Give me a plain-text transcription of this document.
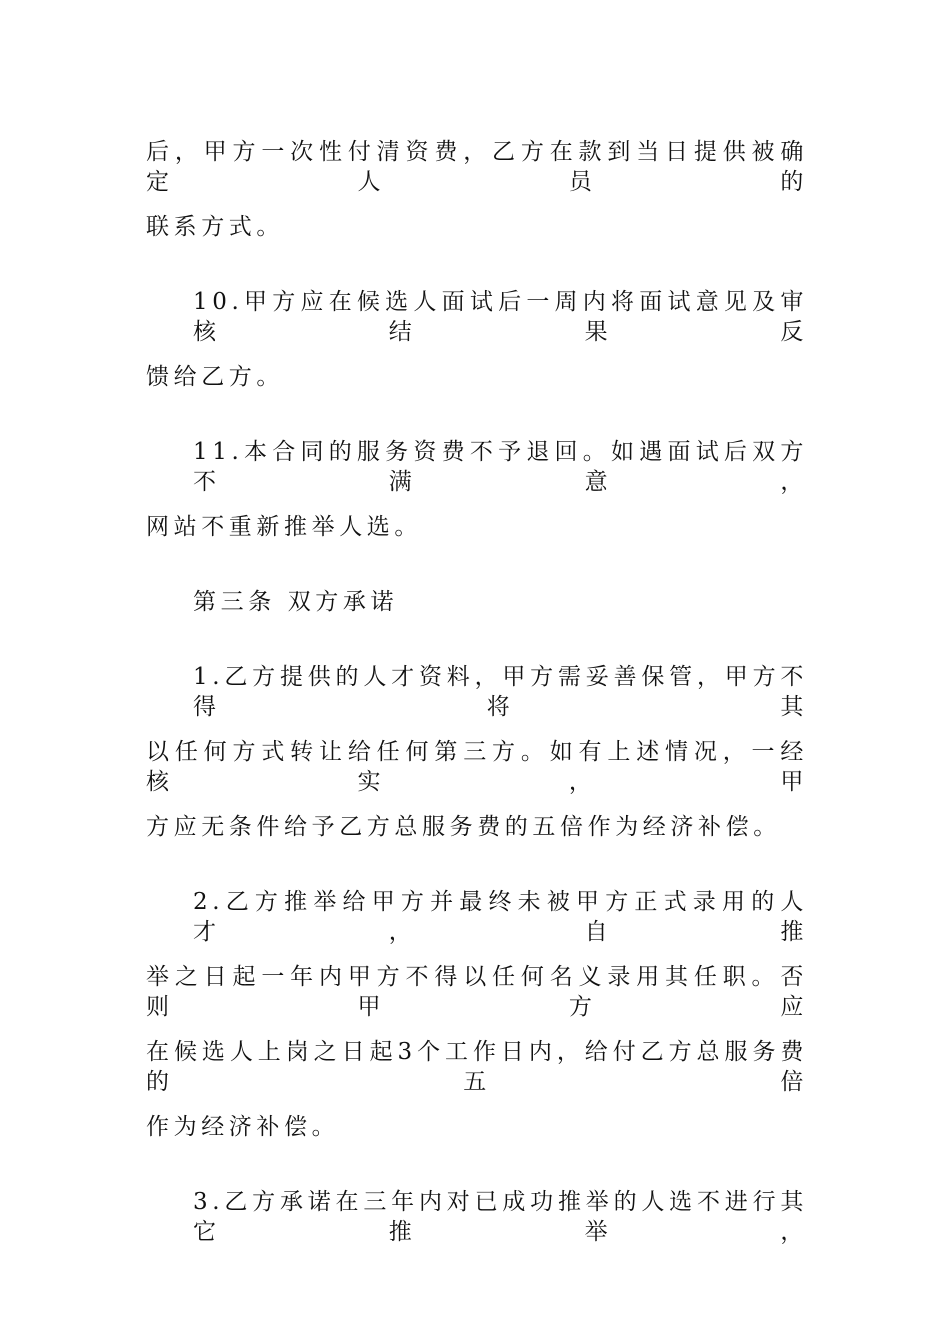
后，甲方一次性付清资费，乙方在款到当日提供被确定人员的
联系方式。
10.甲方应在候选人面试后一周内将面试意见及审核结果反
馈给乙方。
11.本合同的服务资费不予退回。如遇面试后双方不满意，
网站不重新推举人选。
第三条 双方承诺
1.乙方提供的人才资料，甲方需妥善保管，甲方不得将其
以任何方式转让给任何第三方。如有上述情况，一经核实，甲
方应无条件给予乙方总服务费的五倍作为经济补偿。
2.乙方推举给甲方并最终未被甲方正式录用的人才，自推
举之日起一年内甲方不得以任何名义录用其任职。否则甲方应
在候选人上岗之日起3个工作日内，给付乙方总服务费的五倍
作为经济补偿。
3.乙方承诺在三年内对已成功推举的人选不进行其它推举，
